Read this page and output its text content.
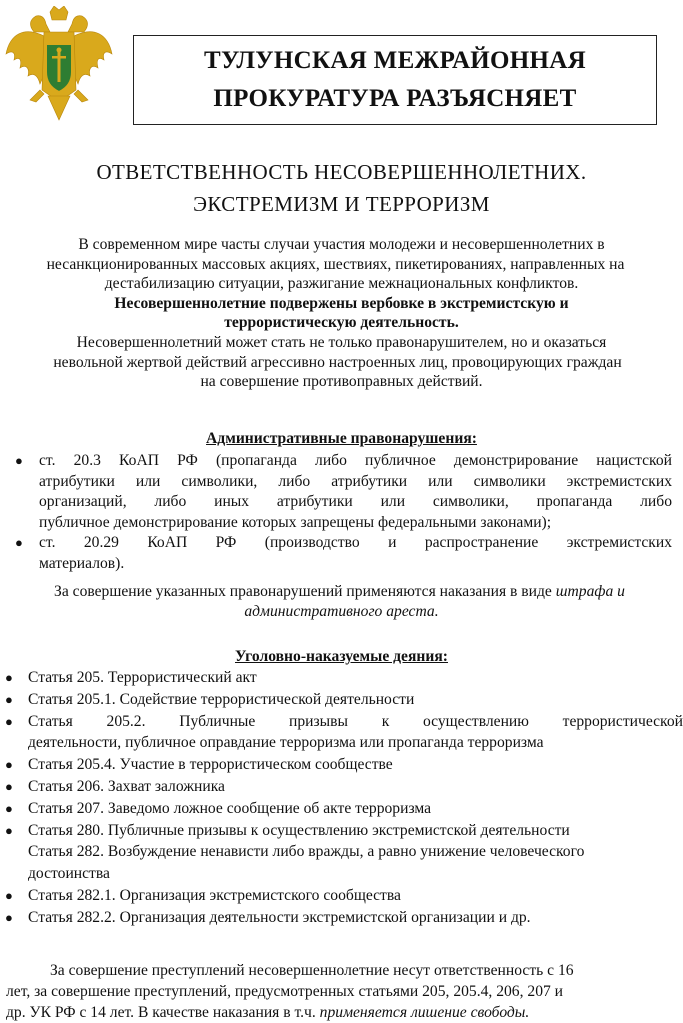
ТУЛУНСКАЯ МЕЖРАЙОННАЯ
ПРОКУРАТУРА РАЗЪЯСНЯЕТ
ОТВЕТСТВЕННОСТЬ НЕСОВЕРШЕННОЛЕТНИХ.
ЭКСТРЕМИЗМ И ТЕРРОРИЗМ
В современном мире часты случаи участия молодежи и несовершеннолетних в
несанкционированных массовых акциях, шествиях, пикетированиях, направленных на
дестабилизацию ситуации, разжигание межнациональных конфликтов.
Несовершеннолетние подвержены вербовке в экстремистскую и
террористическую деятельность.
Несовершеннолетний может стать не только правонарушителем, но и оказаться
невольной жертвой действий агрессивно настроенных лиц, провоцирующих граждан
на совершение противоправных действий.
Административные правонарушения:
● ст. 20.3 КоАП РФ (пропаганда либо публичное демонстрирование нацистской
атрибутики или символики, либо атрибутики или символики экстремистских
организаций, либо иных атрибутики или символики, пропаганда либо
публичное демонстрирование которых запрещены федеральными законами);
● ст. 20.29 КоАП РФ (производство и распространение экстремистских
материалов).
За совершение указанных правонарушений применяются наказания в виде штрафа и
административного ареста.
Уголовно-наказуемые деяния:
● Статья 205. Террористический акт
● Статья 205.1. Содействие террористической деятельности
● Статья 205.2. Публичные призывы к осуществлению террористической
деятельности, публичное оправдание терроризма или пропаганда терроризма
● Статья 205.4. Участие в террористическом сообществе
● Статья 206. Захват заложника
● Статья 207. Заведомо ложное сообщение об акте терроризма
● Статья 280. Публичные призывы к осуществлению экстремистской деятельности
Статья 282. Возбуждение ненависти либо вражды, а равно унижение человеческого
достоинства
● Статья 282.1. Организация экстремистского сообщества
● Статья 282.2. Организация деятельности экстремистской организации и др.
За совершение преступлений несовершеннолетние несут ответственность с 16
лет, за совершение преступлений, предусмотренных статьями 205, 205.4, 206, 207 и
др. УК РФ с 14 лет. В качестве наказания в т.ч. применяется лишение свободы.
